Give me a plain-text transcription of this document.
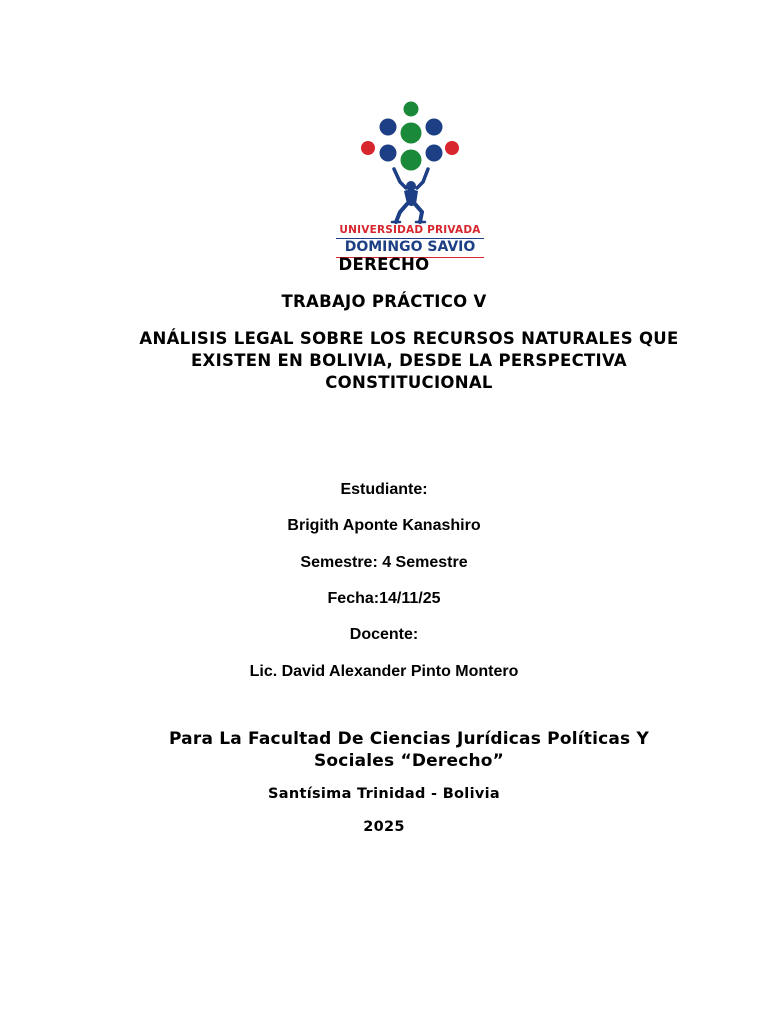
UNIVERSIDAD PRIVADA
DOMINGO SAVIO
DERECHO
TRABAJO PRÁCTICO V
ANÁLISIS LEGAL SOBRE LOS RECURSOS NATURALES QUE
EXISTEN EN BOLIVIA, DESDE LA PERSPECTIVA
CONSTITUCIONAL
Estudiante:
Brigith Aponte Kanashiro
Semestre: 4 Semestre
Fecha:14/11/25
Docente:
Lic. David Alexander Pinto Montero
Para La Facultad De Ciencias Jurídicas Políticas Y
Sociales “Derecho”
Santísima Trinidad - Bolivia
2025
